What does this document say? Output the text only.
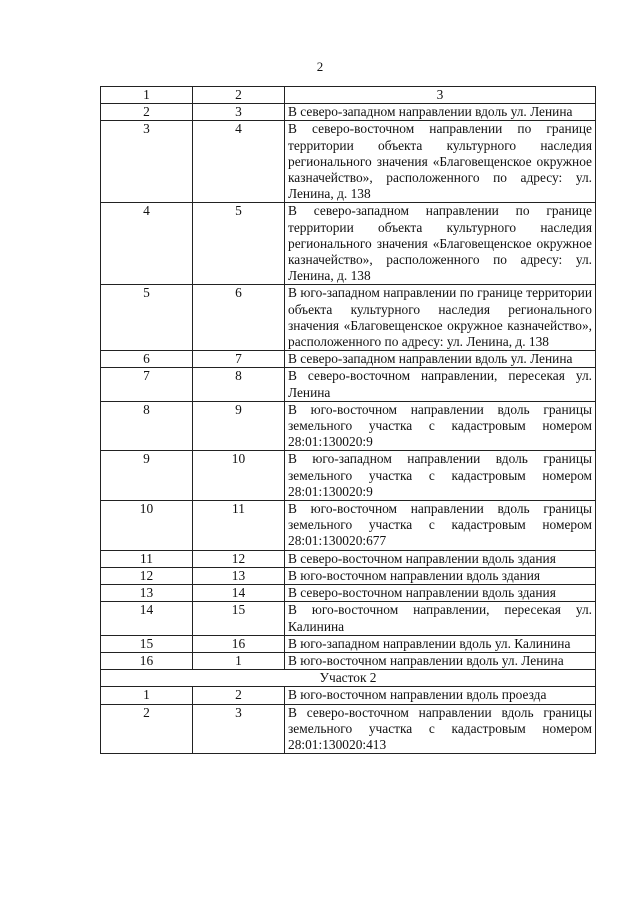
2
1	2	3
2	3	В северо-западном направлении вдоль ул. Ленина
3	4	В северо-восточном направлении по границе территории объекта культурного наследия регионального значения «Благовещенское окружное казначейство», расположенного по адресу: ул. Ленина, д. 138
4	5	В северо-западном направлении по границе территории объекта культурного наследия регионального значения «Благовещенское окружное казначейство», расположенного по адресу: ул. Ленина, д. 138
5	6	В юго-западном направлении по границе территории объекта культурного наследия регионального значения «Благовещенское окружное казначейство», расположенного по адресу: ул. Ленина, д. 138
6	7	В северо-западном направлении вдоль ул. Ленина
7	8	В северо-восточном направлении, пересекая ул. Ленина
8	9	В юго-восточном направлении вдоль границы земельного участка с кадастровым номером 28:01:130020:9
9	10	В юго-западном направлении вдоль границы земельного участка с кадастровым номером 28:01:130020:9
10	11	В юго-восточном направлении вдоль границы земельного участка с кадастровым номером 28:01:130020:677
11	12	В северо-восточном направлении вдоль здания
12	13	В юго-восточном направлении вдоль здания
13	14	В северо-восточном направлении вдоль здания
14	15	В юго-восточном направлении, пересекая ул. Калинина
15	16	В юго-западном направлении вдоль ул. Калинина
16	1	В юго-восточном направлении вдоль ул. Ленина
Участок 2		
1	2	В юго-восточном направлении вдоль проезда
2	3	В северо-восточном направлении вдоль границы земельного участка с кадастровым номером 28:01:130020:413
